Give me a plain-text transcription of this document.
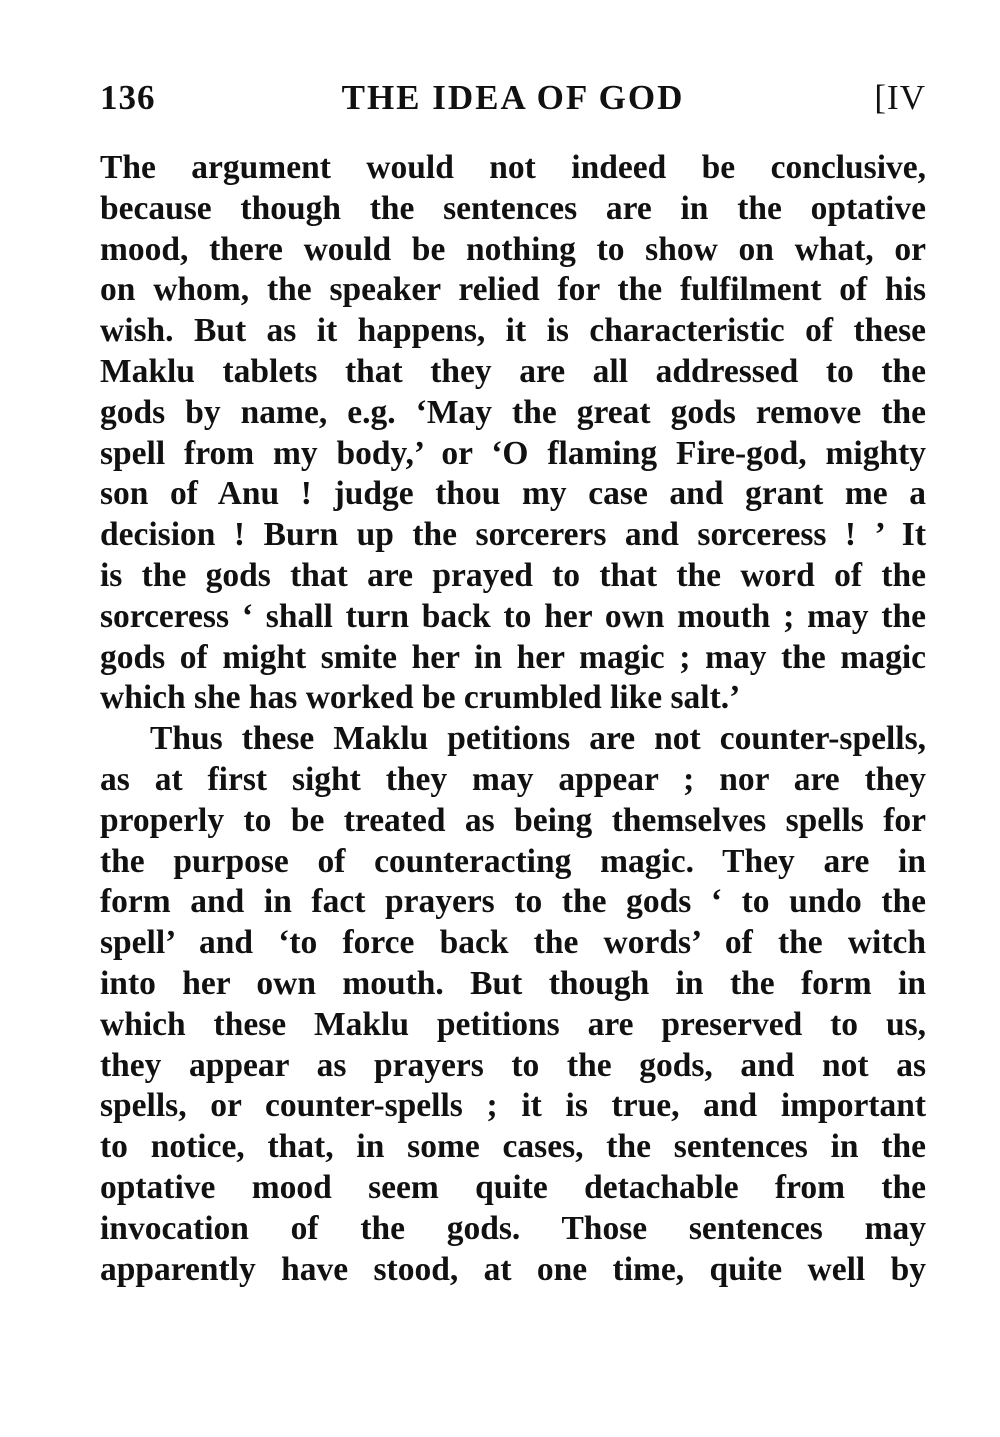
136	THE IDEA OF GOD	[IV
The argument would not indeed be conclusive,
because though the sentences are in the optative
mood, there would be nothing to show on what, or
on whom, the speaker relied for the fulfilment of his
wish. But as it happens, it is characteristic of these
Maklu tablets that they are all addressed to the
gods by name, e.g. ‘May the great gods remove the
spell from my body,’ or ‘O flaming Fire-god, mighty
son of Anu ! judge thou my case and grant me a
decision ! Burn up the sorcerers and sorceress ! ’ It
is the gods that are prayed to that the word of the
sorceress ‘ shall turn back to her own mouth ; may the
gods of might smite her in her magic ; may the magic
which she has worked be crumbled like salt.’
Thus these Maklu petitions are not counter-spells,
as at first sight they may appear ; nor are they
properly to be treated as being themselves spells for
the purpose of counteracting magic. They are in
form and in fact prayers to the gods ‘ to undo the
spell’ and ‘to force back the words’ of the witch
into her own mouth. But though in the form in
which these Maklu petitions are preserved to us,
they appear as prayers to the gods, and not as
spells, or counter-spells ; it is true, and important
to notice, that, in some cases, the sentences in the
optative mood seem quite detachable from the
invocation of the gods. Those sentences may
apparently have stood, at one time, quite well by
